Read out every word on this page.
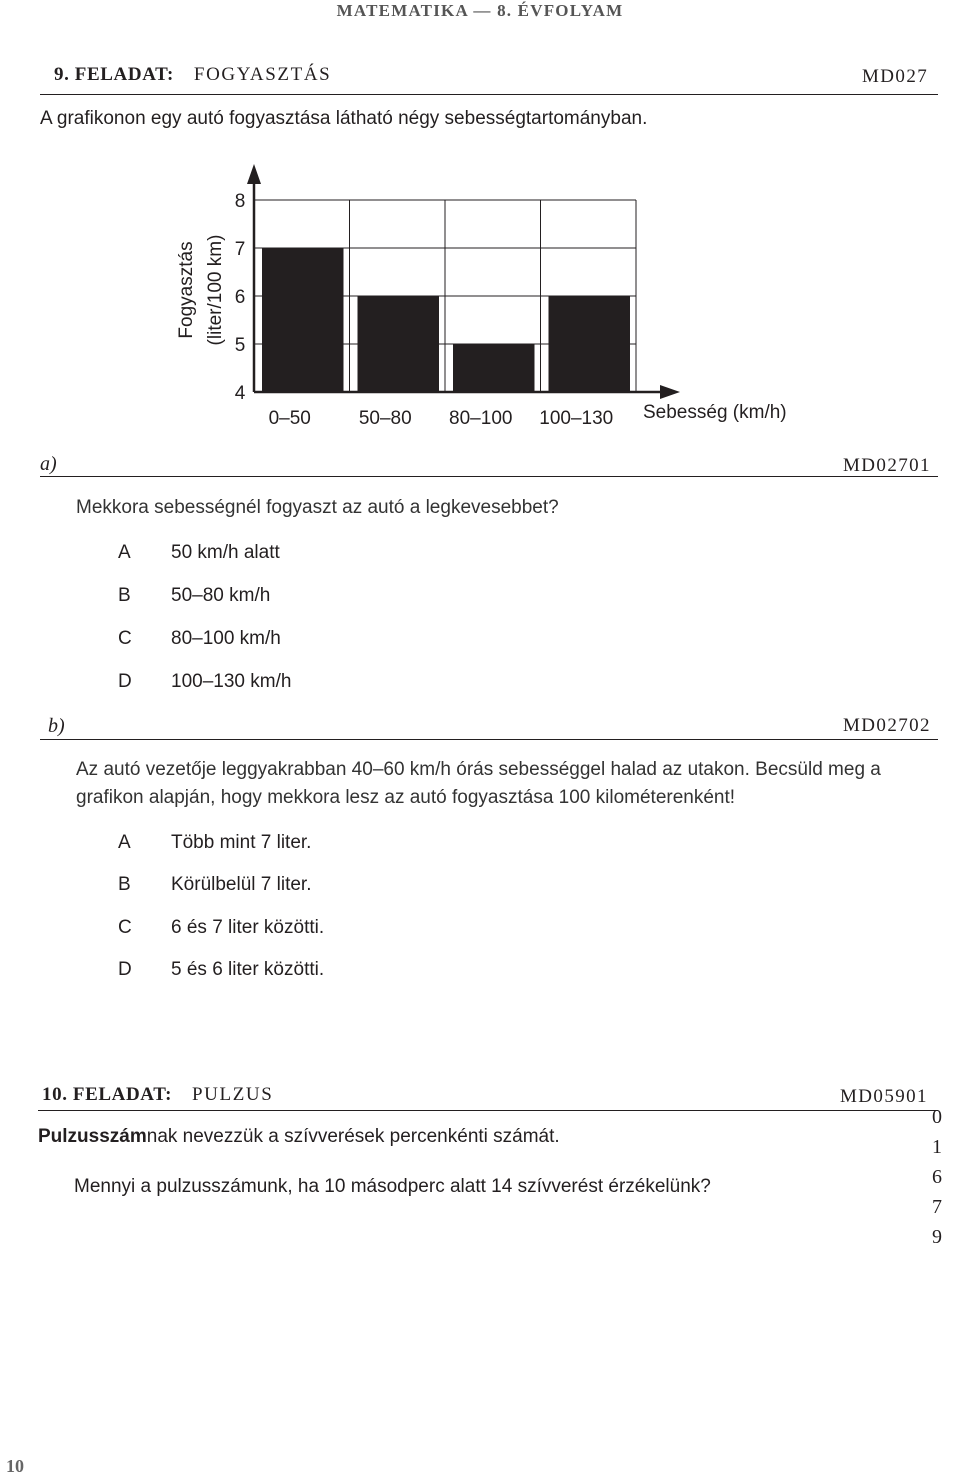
MATEMATIKA — 8. ÉVFOLYAM
9. FELADAT: FOGYASZTÁS	MD027
A grafikonon egy autó fogyasztása látható négy sebességtartományban.
Fogyasztás (liter/100 km)
Sebesség (km/h)
4
5
6
7
8
0–50	50–80 80–100 100–130
a)	MD02701
Mekkora sebességnél fogyaszt az autó a legkevesebbet?
A 50 km/h alatt
B 50–80 km/h
C 80–100 km/h
D 100–130 km/h
b)	MD02702
Az autó vezetője leggyakrabban 40–60 km/h órás sebességgel halad az utakon. Becsüld meg a
grafikon alapján, hogy mekkora lesz az autó fogyasztása 100 kilométerenként!
A Több mint 7 liter.
B Körülbelül 7 liter.
C 6 és 7 liter közötti.
D 5 és 6 liter közötti.
10. FELADAT: PULZUS	MD05901
Pulzusszámnak nevezzük a szívverések percenkénti számát.
Mennyi a pulzusszámunk, ha 10 másodperc alatt 14 szívverést érzékelünk?
0
1
6
7
9
10
